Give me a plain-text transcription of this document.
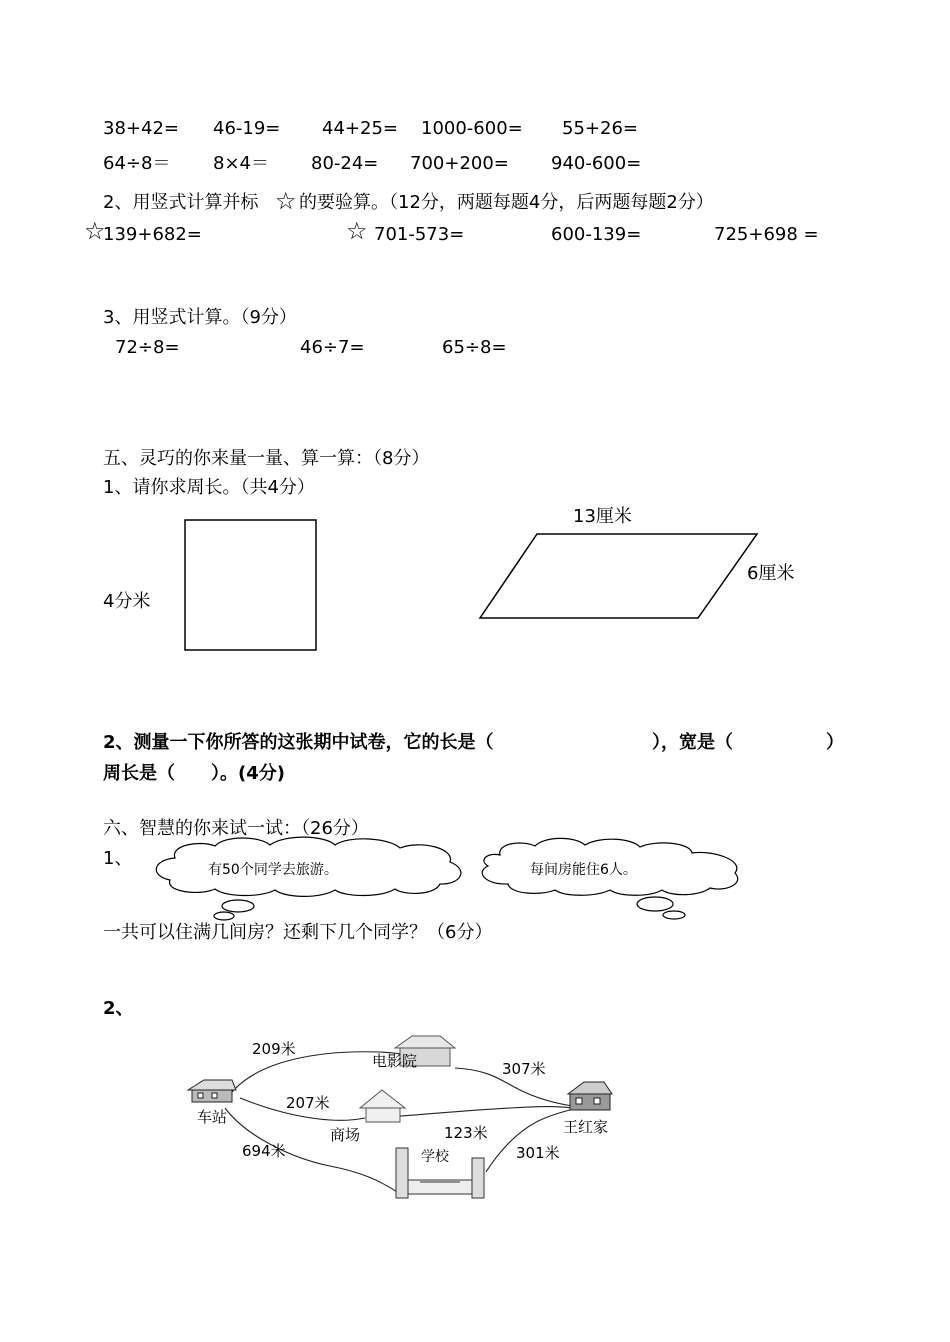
38+42= 46-19= 44+25= 1000-600= 55+26=
64÷8＝ 8×4＝ 80-24= 700+200= 940-600=
2、用竖式计算并标 ☆ 的要验算。（12分，两题每题4分，后两题每题2分）
☆
139+682=	☆ 701-573=	600-139=	725+698 =
3、用竖式计算。（9分）
72÷8=	46÷7=	65÷8=
五、灵巧的你来量一量、算一算：（8分）
1、请你求周长。（共4分）
4分米
13厘米
6厘米
2、测量一下你所答的这张期中试卷，它的长是（	），宽是（	）
周长是（　　）。(4分)
六、智慧的你来试一试：（26分）
1、
有50个同学去旅游。	每间房能住6人。
一共可以住满几间房？还剩下几个同学？（6分）
2、
车站
电影院
商场
学校
王红家
209米
307米
207米
123米
694米	301米
